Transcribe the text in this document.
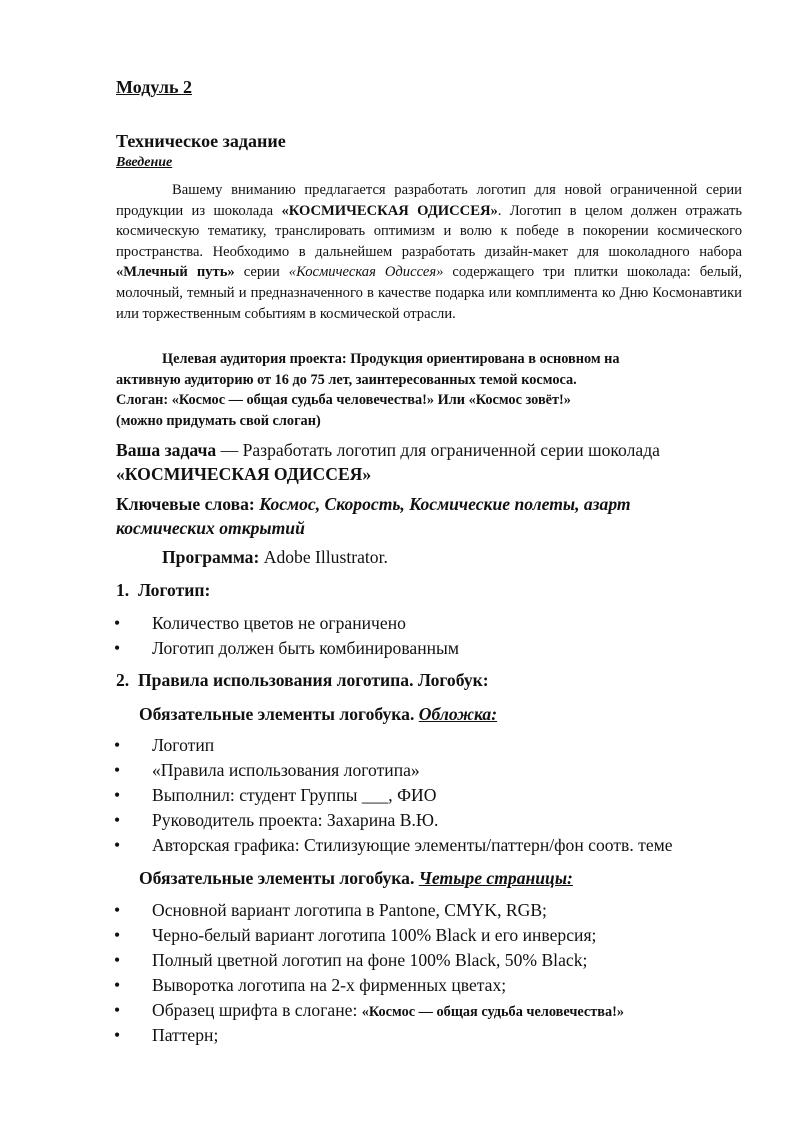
Модуль 2
Техническое задание
Введение

Вашему вниманию предлагается разработать логотип для новой ограниченной серии продукции из шоколада «КОСМИЧЕСКАЯ ОДИССЕЯ». Логотип в целом должен отражать космическую тематику, транслировать оптимизм и волю к победе в покорении космического пространства. Необходимо в дальнейшем разработать дизайн-макет для шоколадного набора «Млечный путь» серии «Космическая Одиссея» содержащего три плитки шоколада: белый, молочный, темный и предназначенного в качестве подарка или комплимента ко Дню Космонавтики или торжественным событиям в космической отрасли.

Целевая аудитория проекта: Продукция ориентирована в основном на
активную аудиторию от 16 до 75 лет, заинтересованных темой космоса.
Слоган: «Космос — общая судьба человечества!» Или «Космос зовёт!»
(можно придумать свой слоган)
Ваша задача — Разработать логотип для ограниченной серии шоколада
«КОСМИЧЕСКАЯ ОДИССЕЯ»
Ключевые слова: Космос, Скорость, Космические полеты, азарт
космических открытий
Программа: Adobe Illustrator.
1. Логотип:
• Количество цветов не ограничено
• Логотип должен быть комбинированным
2. Правила использования логотипа. Логобук:
Обязательные элементы логобука. Обложка:
• Логотип
• «Правила использования логотипа»
• Выполнил: студент Группы ___, ФИО
• Руководитель проекта: Захарина В.Ю.
• Авторская графика: Стилизующие элементы/паттерн/фон соотв. теме
Обязательные элементы логобука. Четыре страницы:
• Основной вариант логотипа в Pantone, CMYK, RGB;
• Черно-белый вариант логотипа 100% Black и его инверсия;
• Полный цветной логотип на фоне 100% Black, 50% Black;
• Выворотка логотипа на 2-х фирменных цветах;
• Образец шрифта в слогане: «Космос — общая судьба человечества!»
• Паттерн;
